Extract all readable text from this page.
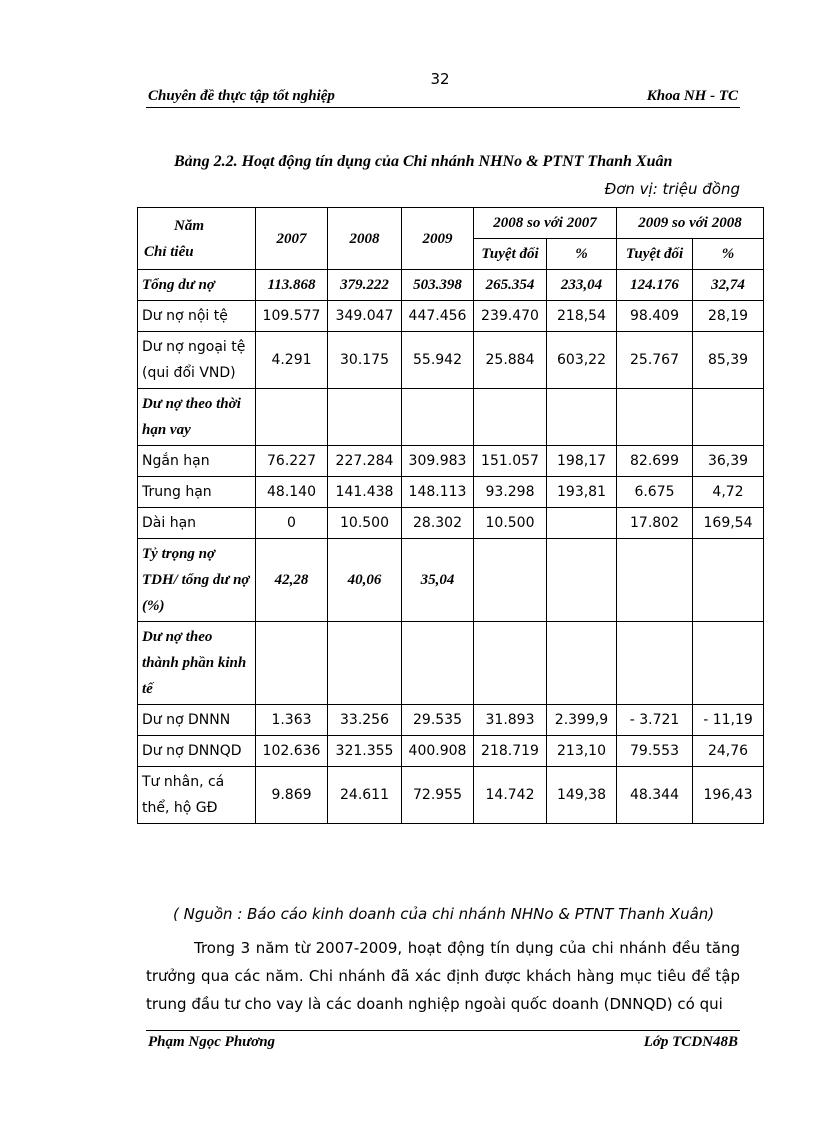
32
Chuyên đề thực tập tốt nghiệp	Khoa NH - TC
Bảng 2.2. Hoạt động tín dụng của Chi nhánh NHNo & PTNT Thanh Xuân
Đơn vị: triệu đồng
Năm
Chỉ tiêu	2007	2008	2009	2008 so với 2007		2009 so với 2008	
				Tuyệt đối	%	Tuyệt đối	%
Tổng dư nợ	113.868	379.222	503.398	265.354	233,04	124.176	32,74
Dư nợ nội tệ	109.577	349.047	447.456	239.470	218,54	98.409	28,19
Dư nợ ngoại tệ (qui đổi VND)	4.291	30.175	55.942	25.884	603,22	25.767	85,39
Dư nợ theo thời hạn vay							
Ngắn hạn	76.227	227.284	309.983	151.057	198,17	82.699	36,39
Trung hạn	48.140	141.438	148.113	93.298	193,81	6.675	4,72
Dài hạn	0	10.500	28.302	10.500		17.802	169,54
Tỷ trọng nợ TDH/ tổng dư nợ (%)	42,28	40,06	35,04				
Dư nợ theo thành phần kinh tế							
Dư nợ DNNN	1.363	33.256	29.535	31.893	2.399,9	- 3.721	- 11,19
Dư nợ DNNQD	102.636	321.355	400.908	218.719	213,10	79.553	24,76
Tư nhân, cá thể, hộ GĐ	9.869	24.611	72.955	14.742	149,38	48.344	196,43
( Nguồn : Báo cáo kinh doanh của chi nhánh NHNo & PTNT Thanh Xuân)
Trong 3 năm từ 2007-2009, hoạt động tín dụng của chi nhánh đều tăng trưởng qua các năm. Chi nhánh đã xác định được khách hàng mục tiêu để tập trung đầu tư cho vay là các doanh nghiệp ngoài quốc doanh (DNNQD) có qui
Phạm Ngọc Phương	Lớp TCDN48B
